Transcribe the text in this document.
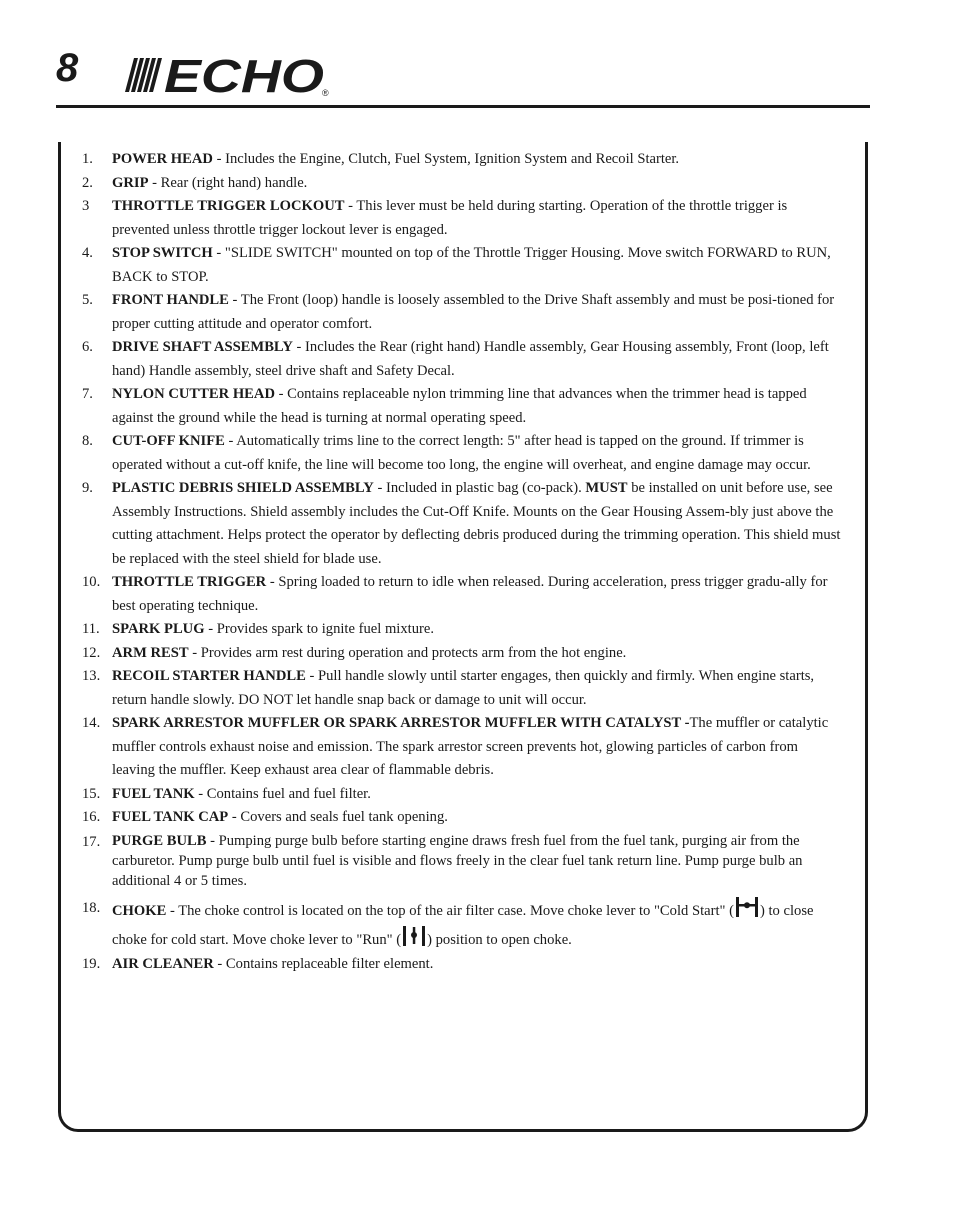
8 ECHO
®
1.	POWER HEAD - Includes the Engine, Clutch, Fuel System, Ignition System and Recoil Starter.
2.	GRIP - Rear (right hand) handle.
3	THROTTLE TRIGGER LOCKOUT - This lever must be held during starting. Operation of the throttle trigger is prevented unless throttle trigger lockout lever is engaged.
4.	STOP SWITCH - "SLIDE SWITCH" mounted on top of the Throttle Trigger Housing. Move switch FORWARD to RUN, BACK to STOP.
5.	FRONT HANDLE - The Front (loop) handle is loosely assembled to the Drive Shaft assembly and must be posi-tioned for proper cutting attitude and operator comfort.
6.	DRIVE SHAFT ASSEMBLY - Includes the Rear (right hand) Handle assembly, Gear Housing assembly, Front (loop, left hand) Handle assembly, steel drive shaft and Safety Decal.
7.	NYLON CUTTER HEAD - Contains replaceable nylon trimming line that advances when the trimmer head is tapped against the ground while the head is turning at normal operating speed.
8.	CUT-OFF KNIFE - Automatically trims line to the correct length: 5" after head is tapped on the ground. If trimmer is operated without a cut-off knife, the line will become too long, the engine will overheat, and engine damage may occur.
9.	PLASTIC DEBRIS SHIELD ASSEMBLY - Included in plastic bag (co-pack). MUST be installed on unit before use, see Assembly Instructions. Shield assembly includes the Cut-Off Knife. Mounts on the Gear Housing Assem-bly just above the cutting attachment. Helps protect the operator by deflecting debris produced during the trimming operation. This shield must be replaced with the steel shield for blade use.
10. THROTTLE TRIGGER - Spring loaded to return to idle when released. During acceleration, press trigger gradu-ally for best operating technique.
11. SPARK PLUG - Provides spark to ignite fuel mixture.
12. ARM REST - Provides arm rest during operation and protects arm from the hot engine.
13. RECOIL STARTER HANDLE - Pull handle slowly until starter engages, then quickly and firmly. When engine starts, return handle slowly. DO NOT let handle snap back or damage to unit will occur.
14. SPARK ARRESTOR MUFFLER OR SPARK ARRESTOR MUFFLER WITH CATALYST -The muffler or catalytic muffler controls exhaust noise and emission. The spark arrestor screen prevents hot, glowing particles of carbon from leaving the muffler. Keep exhaust area clear of flammable debris.
15. FUEL TANK - Contains fuel and fuel filter.
16. FUEL TANK CAP - Covers and seals fuel tank opening.
17. PURGE BULB - Pumping purge bulb before starting engine draws fresh fuel from the fuel tank, purging air from the carburetor. Pump purge bulb until fuel is visible and flows freely in the clear fuel tank return line. Pump purge bulb an additional 4 or 5 times.
18. CHOKE - The choke control is located on the top of the air filter case. Move choke lever to "Cold Start" ( ) to close choke for cold start. Move choke lever to "Run" ( ) position to open choke.
19. AIR CLEANER - Contains replaceable filter element.
